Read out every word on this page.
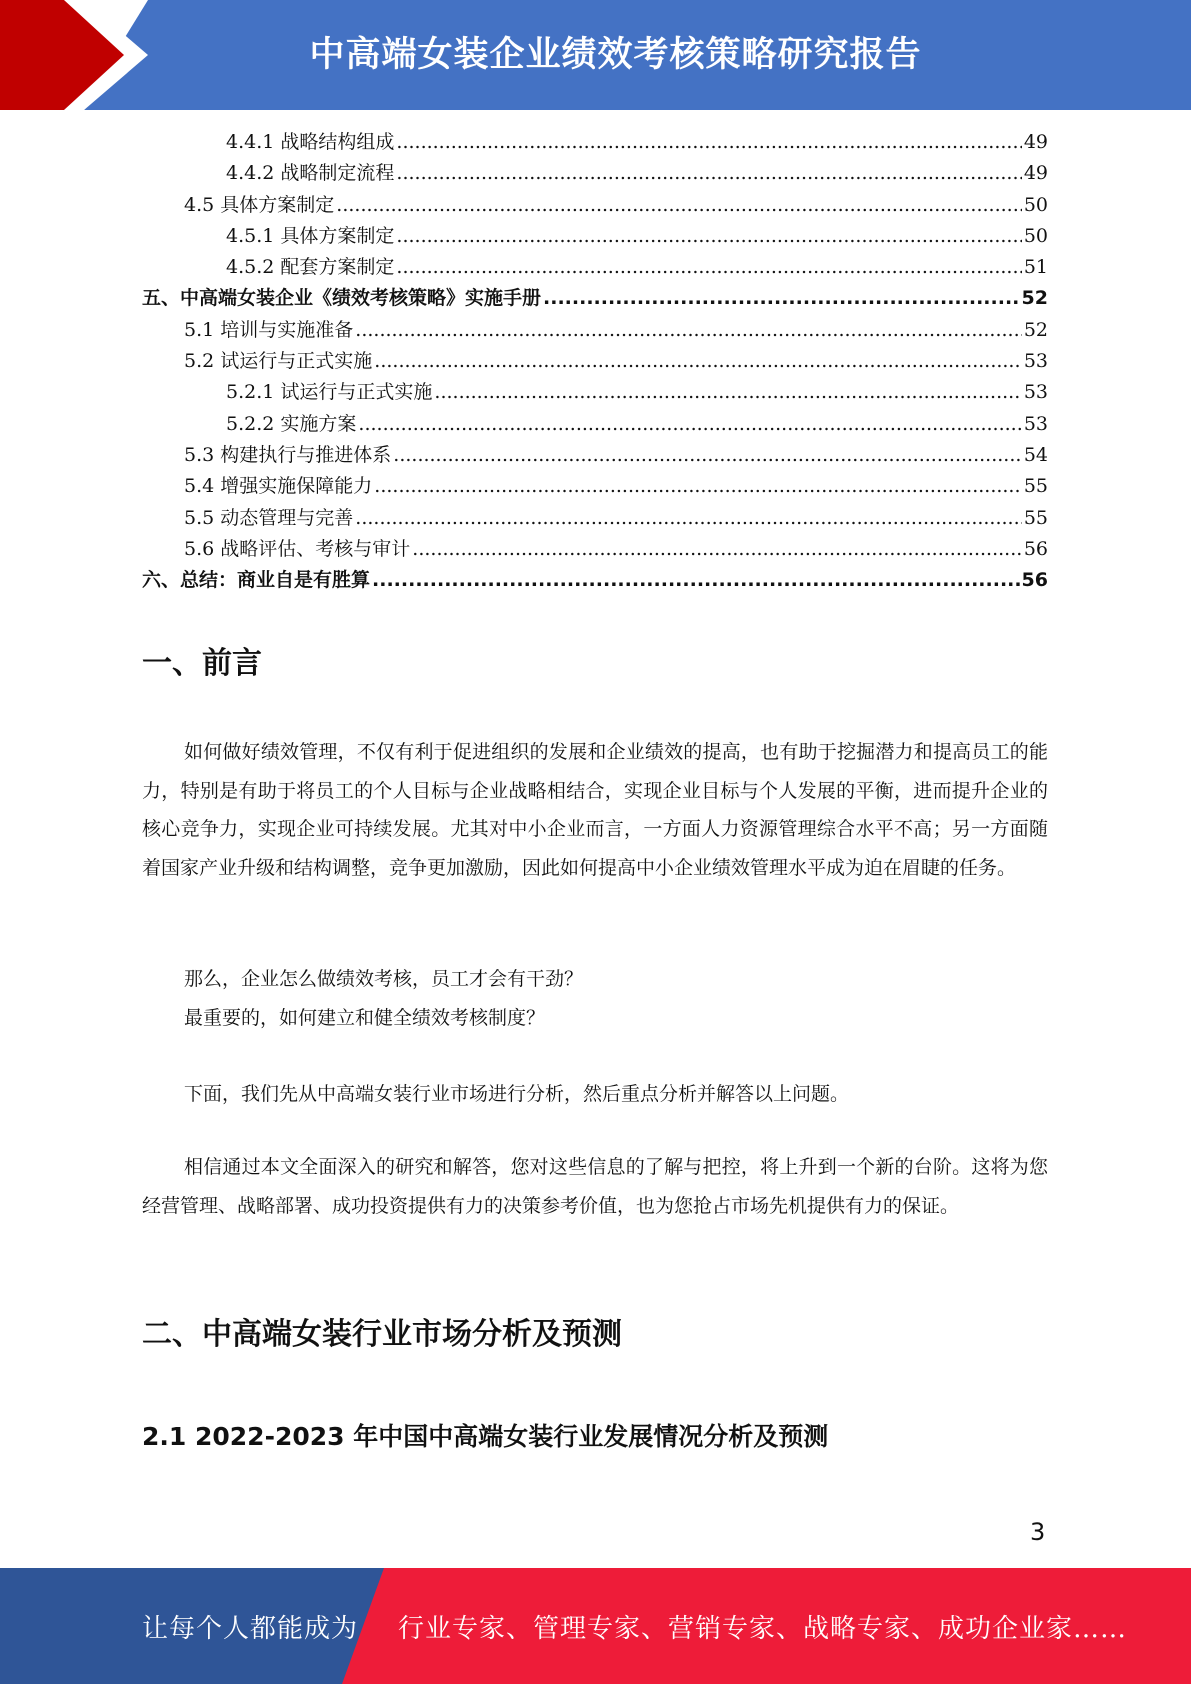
中高端女装企业绩效考核策略研究报告
4.4.1 战略结构组成 .....	49
4.4.2 战略制定流程 .....	49
4.5 具体方案制定 .....	50
4.5.1 具体方案制定 .....	50
4.5.2 配套方案制定 .....	51
五、中高端女装企业《绩效考核策略》实施手册 .....	52
5.1 培训与实施准备 .....	52
5.2 试运行与正式实施 .....	53
5.2.1 试运行与正式实施 .....	53
5.2.2 实施方案 .....	53
5.3 构建执行与推进体系 .....	54
5.4 增强实施保障能力 .....	55
5.5 动态管理与完善 .....	55
5.6 战略评估、考核与审计 .....	56
六、总结：商业自是有胜算 .....	56
一、前言

如何做好绩效管理，不仅有利于促进组织的发展和企业绩效的提高，也有助于挖掘潜力和提高员工的能力，特别是有助于将员工的个人目标与企业战略相结合，实现企业目标与个人发展的平衡，进而提升企业的核心竞争力，实现企业可持续发展。尤其对中小企业而言，一方面人力资源管理综合水平不高；另一方面随着国家产业升级和结构调整，竞争更加激励，因此如何提高中小企业绩效管理水平成为迫在眉睫的任务。

那么，企业怎么做绩效考核，员工才会有干劲？
最重要的，如何建立和健全绩效考核制度？

下面，我们先从中高端女装行业市场进行分析，然后重点分析并解答以上问题。

相信通过本文全面深入的研究和解答，您对这些信息的了解与把控，将上升到一个新的台阶。这将为您经营管理、战略部署、成功投资提供有力的决策参考价值，也为您抢占市场先机提供有力的保证。

二、中高端女装行业市场分析及预测
2.1 2022-2023 年中国中高端女装行业发展情况分析及预测
3
让每个人都能成为 行业专家、管理专家、营销专家、战略专家、成功企业家……
